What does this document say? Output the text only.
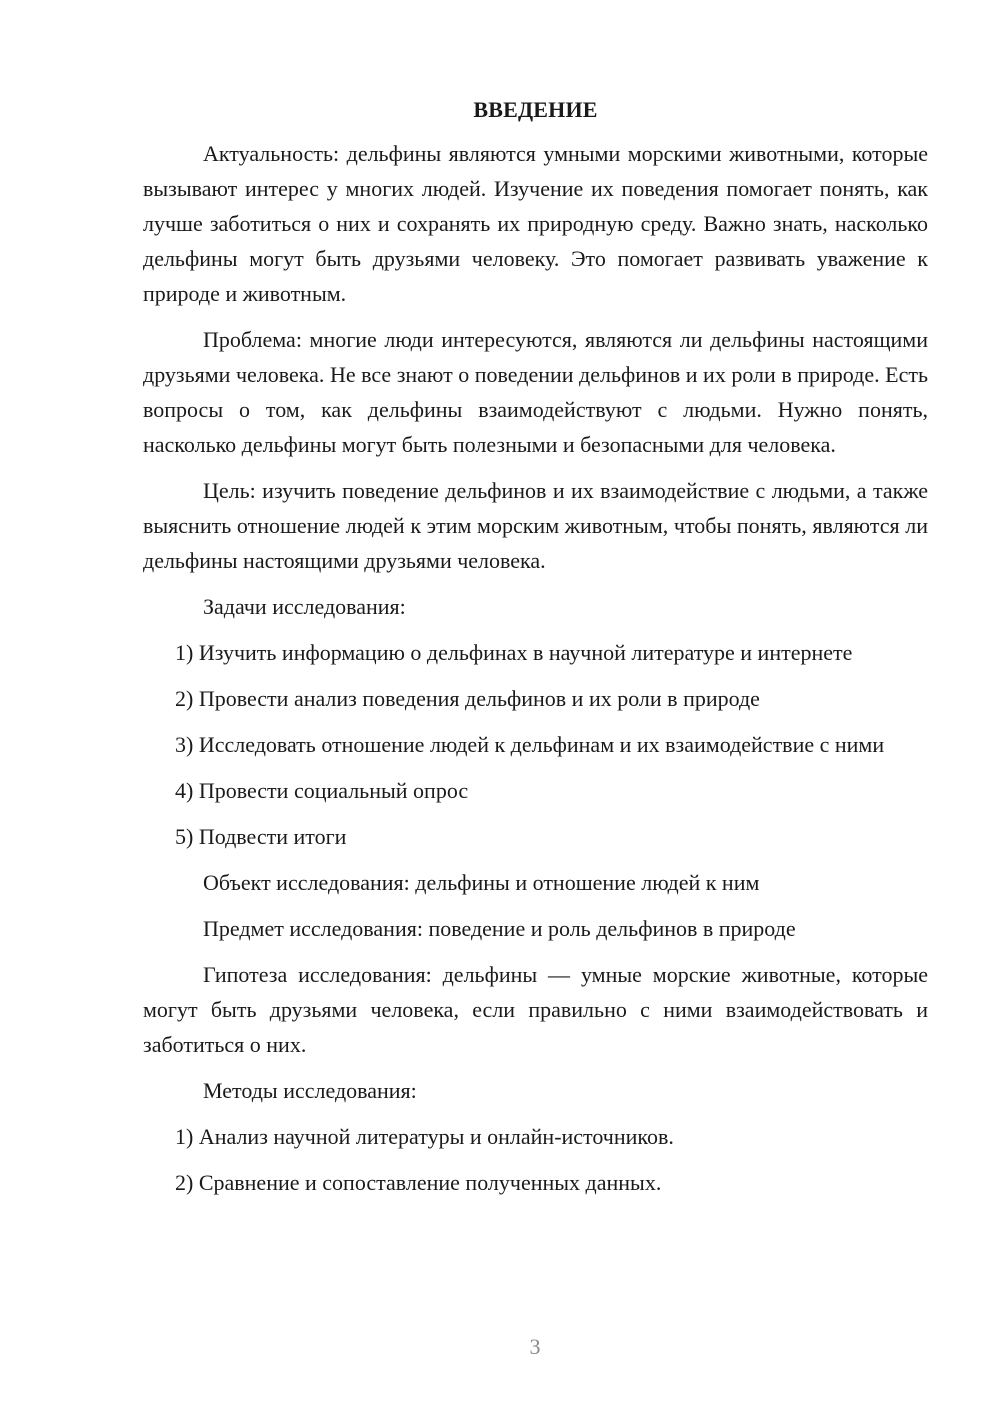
ВВЕДЕНИЕ

Актуальность: дельфины являются умными морскими животными, которые вызывают интерес у многих людей. Изучение их поведения помогает понять, как лучше заботиться о них и сохранять их природную среду. Важно знать, насколько дельфины могут быть друзьями человеку. Это помогает развивать уважение к природе и животным.

Проблема: многие люди интересуются, являются ли дельфины настоящими друзьями человека. Не все знают о поведении дельфинов и их роли в природе. Есть вопросы о том, как дельфины взаимодействуют с людьми. Нужно понять, насколько дельфины могут быть полезными и безопасными для человека.

Цель: изучить поведение дельфинов и их взаимодействие с людьми, а также выяснить отношение людей к этим морским животным, чтобы понять, являются ли дельфины настоящими друзьями человека.

Задачи исследования:

1) Изучить информацию о дельфинах в научной литературе и интернете

2) Провести анализ поведения дельфинов и их роли в природе

3) Исследовать отношение людей к дельфинам и их взаимодействие с ними

4) Провести социальный опрос

5) Подвести итоги

Объект исследования: дельфины и отношение людей к ним

Предмет исследования: поведение и роль дельфинов в природе

Гипотеза исследования: дельфины — умные морские животные, которые могут быть друзьями человека, если правильно с ними взаимодействовать и заботиться о них.

Методы исследования:

1) Анализ научной литературы и онлайн-источников.

2) Сравнение и сопоставление полученных данных.

3
